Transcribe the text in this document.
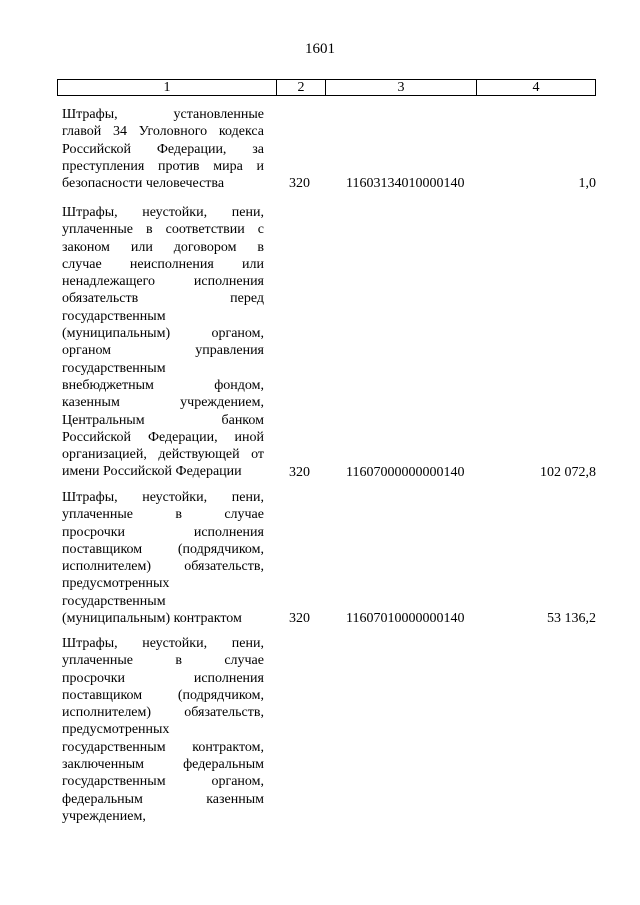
1601
1	2	3	4
Штрафы, установленные
главой 34 Уголовного кодекса
Российской Федерации, за
преступления против мира и
безопасности человечества	320	11603134010000140	1,0
Штрафы, неустойки, пени,
уплаченные в соответствии с
законом или договором в
случае неисполнения или
ненадлежащего исполнения
обязательств перед
государственным
(муниципальным) органом,
органом управления
государственным
внебюджетным фондом,
казенным учреждением,
Центральным банком
Российской Федерации, иной
организацией, действующей от
имени Российской Федерации	320	11607000000000140	102 072,8
Штрафы, неустойки, пени,
уплаченные в случае
просрочки исполнения
поставщиком (подрядчиком,
исполнителем) обязательств,
предусмотренных
государственным
(муниципальным) контрактом	320	11607010000000140	53 136,2
Штрафы, неустойки, пени,
уплаченные в случае
просрочки исполнения
поставщиком (подрядчиком,
исполнителем) обязательств,
предусмотренных
государственным контрактом,
заключенным федеральным
государственным органом,
федеральным казенным
учреждением,
